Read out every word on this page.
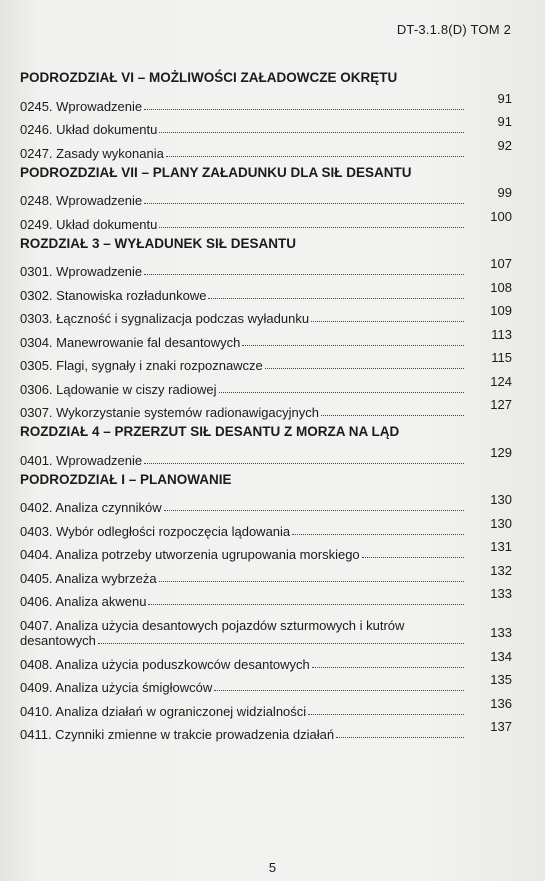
DT-3.1.8(D) TOM 2
PODROZDZIAŁ VI – MOŻLIWOŚCI ZAŁADOWCZE OKRĘTU
0245. Wprowadzenie
91
0246. Układ dokumentu
91
0247. Zasady wykonania
92
PODROZDZIAŁ VII – PLANY ZAŁADUNKU DLA SIŁ DESANTU
0248. Wprowadzenie
99
0249. Układ dokumentu
100
ROZDZIAŁ 3 – WYŁADUNEK SIŁ DESANTU
0301. Wprowadzenie
107
0302. Stanowiska rozładunkowe
108
0303. Łączność i sygnalizacja podczas wyładunku
109
0304. Manewrowanie fal desantowych
113
0305. Flagi, sygnały i znaki rozpoznawcze
115
0306. Lądowanie w ciszy radiowej
124
0307. Wykorzystanie systemów radionawigacyjnych
127
ROZDZIAŁ 4 – PRZERZUT SIŁ DESANTU Z MORZA NA LĄD
0401. Wprowadzenie
129
PODROZDZIAŁ I – PLANOWANIE
0402. Analiza czynników
130
0403. Wybór odległości rozpoczęcia lądowania
130
0404. Analiza potrzeby utworzenia ugrupowania morskiego
131
0405. Analiza wybrzeża
132
0406. Analiza akwenu
133
0407. Analiza użycia desantowych pojazdów szturmowych i kutrów
desantowych
133
0408. Analiza użycia poduszkowców desantowych
134
0409. Analiza użycia śmigłowców
135
0410. Analiza działań w ograniczonej widzialności
136
0411. Czynniki zmienne w trakcie prowadzenia działań
137
5
